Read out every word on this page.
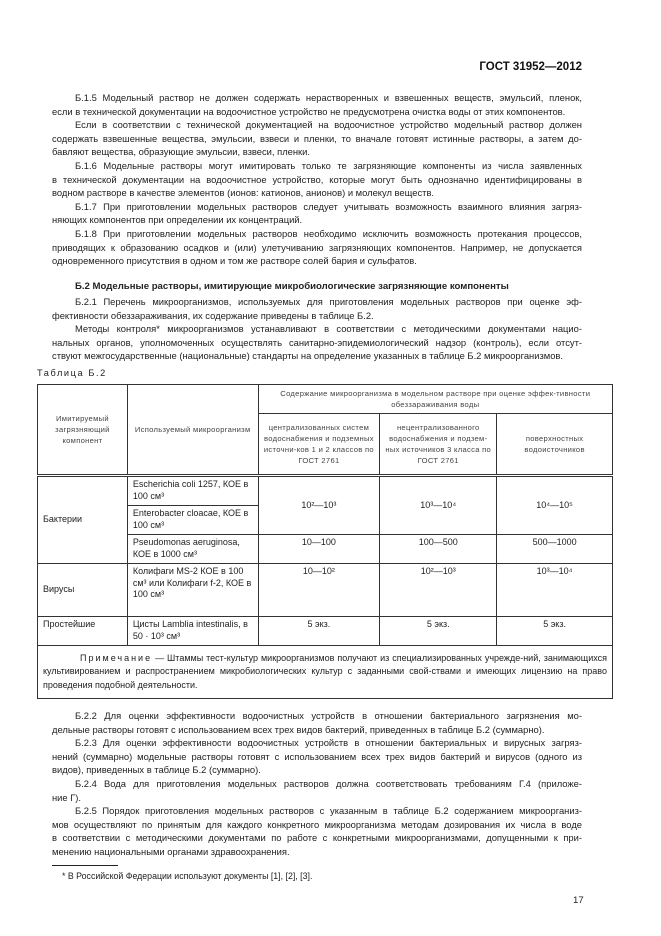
ГОСТ 31952—2012
Б.1.5 Модельный раствор не должен содержать нерастворенных и взвешенных веществ, эмульсий, пленок,
если в технической документации на водоочистное устройство не предусмотрена очистка воды от этих компонентов.
Если в соответствии с технической документацией на водоочистное устройство модельный раствор должен
содержать взвешенные вещества, эмульсии, взвеси и пленки, то вначале готовят истинные растворы, а затем до-
бавляют вещества, образующие эмульсии, взвеси, пленки.
Б.1.6 Модельные растворы могут имитировать только те загрязняющие компоненты из числа заявленных
в технической документации на водоочистное устройство, которые могут быть однозначно идентифицированы в
водном растворе в качестве элементов (ионов: катионов, анионов) и молекул веществ.
Б.1.7 При приготовлении модельных растворов следует учитывать возможность взаимного влияния загряз-
няющих компонентов при определении их концентраций.
Б.1.8 При приготовлении модельных растворов необходимо исключить возможность протекания процессов,
приводящих к образованию осадков и (или) улетучиванию загрязняющих компонентов. Например, не допускается
одновременного присутствия в одном и том же растворе солей бария и сульфатов.
Б.2 Модельные растворы, имитирующие микробиологические загрязняющие компоненты
Б.2.1 Перечень микроорганизмов, используемых для приготовления модельных растворов при оценке эф-
фективности обеззараживания, их содержание приведены в таблице Б.2.
Методы контроля* микроорганизмов устанавливают в соответствии с методическими документами нацио-
нальных органов, уполномоченных осуществлять санитарно-эпидемиологический надзор (контроль), если отсут-
ствуют межгосударственные (национальные) стандарты на определение указанных в таблице Б.2 микроорганизмов.
Таблица Б.2
Имитируемый загрязняющий компонент	Используемый микроорганизм	Содержание микроорганизма в модельном растворе при оценке эффек-тивности обеззараживания воды		
		централизованных систем водоснабжения и подземных источни-ков 1 и 2 классов по ГОСТ 2761	нецентрализованного водоснабжения и подзем-ных источников 3 класса по ГОСТ 2761	поверхностных водоисточников
Бактерии	Escherichia coli 1257, КОЕ в 100 см³	10²—10³	10³—10⁴	10⁴—10⁵
	Enterobacter cloacae, КОЕ в 100 см³			
	Pseudomonas aeruginosa, КОЕ в 1000 см³	10—100	100—500	500—1000
Вирусы	Колифаги MS-2 КОЕ в 100 см³ или Колифаги f-2, КОЕ в 100 см³	10—10²	10²—10³	10³—10⁴
Простейшие	Цисты Lamblia intestinalis, в 50 · 10³ см³	5 экз.	5 экз.	5 экз.
Примечание — Штаммы тест-культур микроорганизмов получают из специализированных учрежде-ний, занимающихся культивированием и распространением микробиологических культур с заданными свой-ствами и имеющих лицензию на право проведения подобной деятельности.				
Б.2.2 Для оценки эффективности водоочистных устройств в отношении бактериального загрязнения мо-
дельные растворы готовят с использованием всех трех видов бактерий, приведенных в таблице Б.2 (суммарно).
Б.2.3 Для оценки эффективности водоочистных устройств в отношении бактериальных и вирусных загряз-
нений (суммарно) модельные растворы готовят с использованием всех трех видов бактерий и вирусов (одного из
видов), приведенных в таблице Б.2 (суммарно).
Б.2.4 Вода для приготовления модельных растворов должна соответствовать требованиям Г.4 (приложе-
ние Г).
Б.2.5 Порядок приготовления модельных растворов с указанным в таблице Б.2 содержанием микроорганиз-
мов осуществляют по принятым для каждого конкретного микроорганизма методам дозирования их числа в воде
в соответствии с методическими документами по работе с конкретными микроорганизмами, допущенными к при-
менению национальными органами здравоохранения.
* В Российской Федерации используют документы [1], [2], [3].
17
